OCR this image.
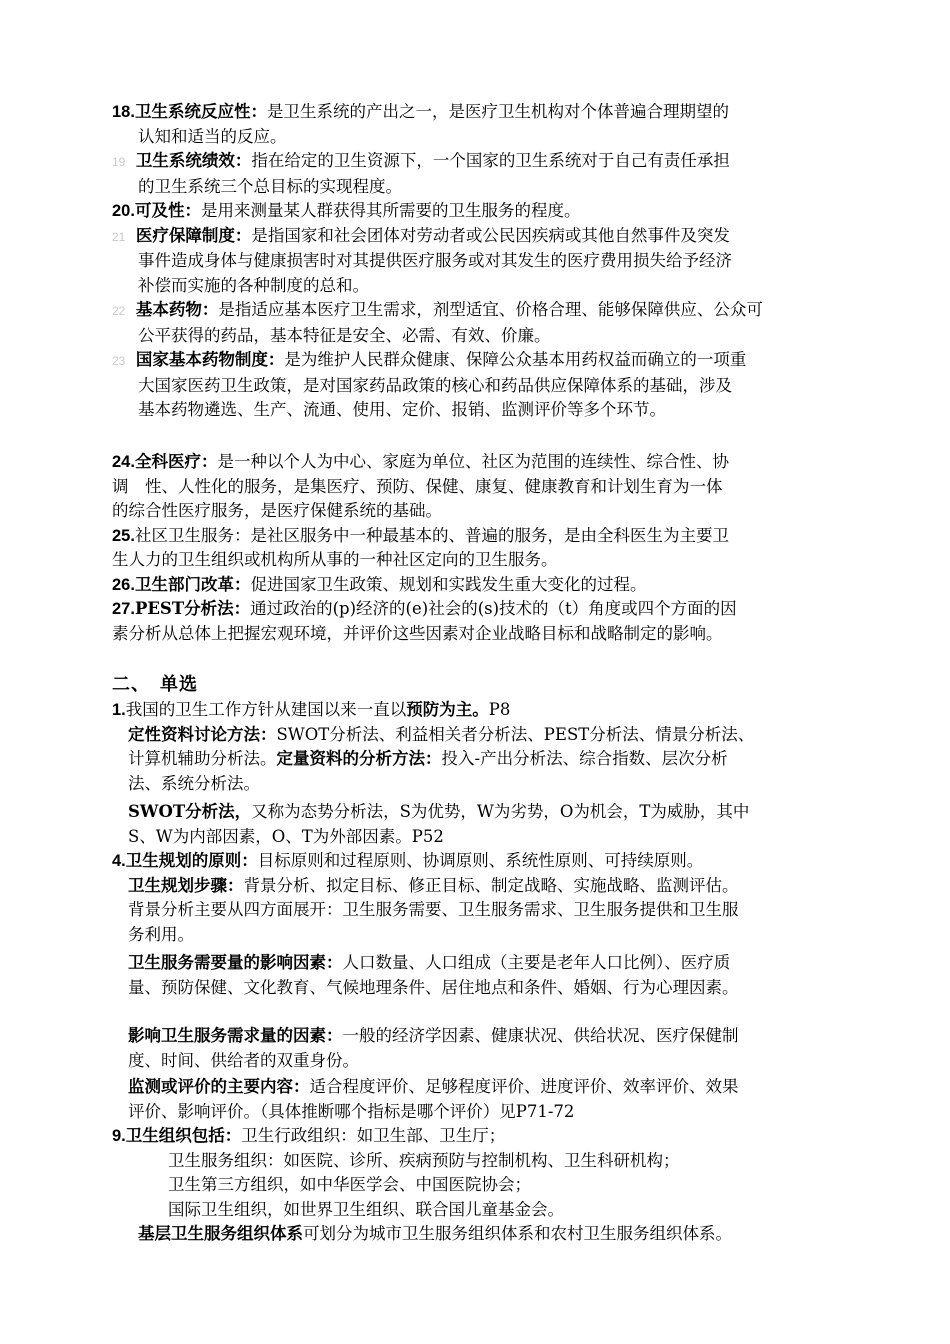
18.卫生系统反应性：是卫生系统的产出之一，是医疗卫生机构对个体普遍合理期望的
认知和适当的反应。
19 卫生系统绩效：指在给定的卫生资源下，一个国家的卫生系统对于自己有责任承担
的卫生系统三个总目标的实现程度。
20.可及性：是用来测量某人群获得其所需要的卫生服务的程度。
21 医疗保障制度：是指国家和社会团体对劳动者或公民因疾病或其他自然事件及突发
事件造成身体与健康损害时对其提供医疗服务或对其发生的医疗费用损失给予经济
补偿而实施的各种制度的总和。
22 基本药物：是指适应基本医疗卫生需求，剂型适宜、价格合理、能够保障供应、公众可
公平获得的药品，基本特征是安全、必需、有效、价廉。
23 国家基本药物制度：是为维护人民群众健康、保障公众基本用药权益而确立的一项重
大国家医药卫生政策，是对国家药品政策的核心和药品供应保障体系的基础，涉及
基本药物遴选、生产、流通、使用、定价、报销、监测评价等多个环节。
24.全科医疗：是一种以个人为中心、家庭为单位、社区为范围的连续性、综合性、协
调　性、人性化的服务，是集医疗、预防、保健、康复、健康教育和计划生育为一体
的综合性医疗服务，是医疗保健系统的基础。
25.社区卫生服务：是社区服务中一种最基本的、普遍的服务，是由全科医生为主要卫
生人力的卫生组织或机构所从事的一种社区定向的卫生服务。
26.卫生部门改革：促进国家卫生政策、规划和实践发生重大变化的过程。
27.PEST分析法：通过政治的(p)经济的(e)社会的(s)技术的（t）角度或四个方面的因
素分析从总体上把握宏观环境，并评价这些因素对企业战略目标和战略制定的影响。
二、　单选
1.我国的卫生工作方针从建国以来一直以预防为主。P8
定性资料讨论方法：SWOT分析法、利益相关者分析法、PEST分析法、情景分析法、
计算机辅助分析法。定量资料的分析方法：投入-产出分析法、综合指数、层次分析
法、系统分析法。
SWOT分析法，又称为态势分析法，S为优势，W为劣势，O为机会，T为威胁，其中
S、W为内部因素，O、T为外部因素。P52
4.卫生规划的原则：目标原则和过程原则、协调原则、系统性原则、可持续原则。
卫生规划步骤：背景分析、拟定目标、修正目标、制定战略、实施战略、监测评估。
背景分析主要从四方面展开：卫生服务需要、卫生服务需求、卫生服务提供和卫生服
务利用。
卫生服务需要量的影响因素：人口数量、人口组成（主要是老年人口比例）、医疗质
量、预防保健、文化教育、气候地理条件、居住地点和条件、婚姻、行为心理因素。
影响卫生服务需求量的因素：一般的经济学因素、健康状况、供给状况、医疗保健制
度、时间、供给者的双重身份。
监测或评价的主要内容：适合程度评价、足够程度评价、进度评价、效率评价、效果
评价、影响评价。（具体推断哪个指标是哪个评价）见P71-72
9.卫生组织包括：卫生行政组织：如卫生部、卫生厅；
卫生服务组织：如医院、诊所、疾病预防与控制机构、卫生科研机构；
卫生第三方组织，如中华医学会、中国医院协会；
国际卫生组织，如世界卫生组织、联合国儿童基金会。
基层卫生服务组织体系可划分为城市卫生服务组织体系和农村卫生服务组织体系。
